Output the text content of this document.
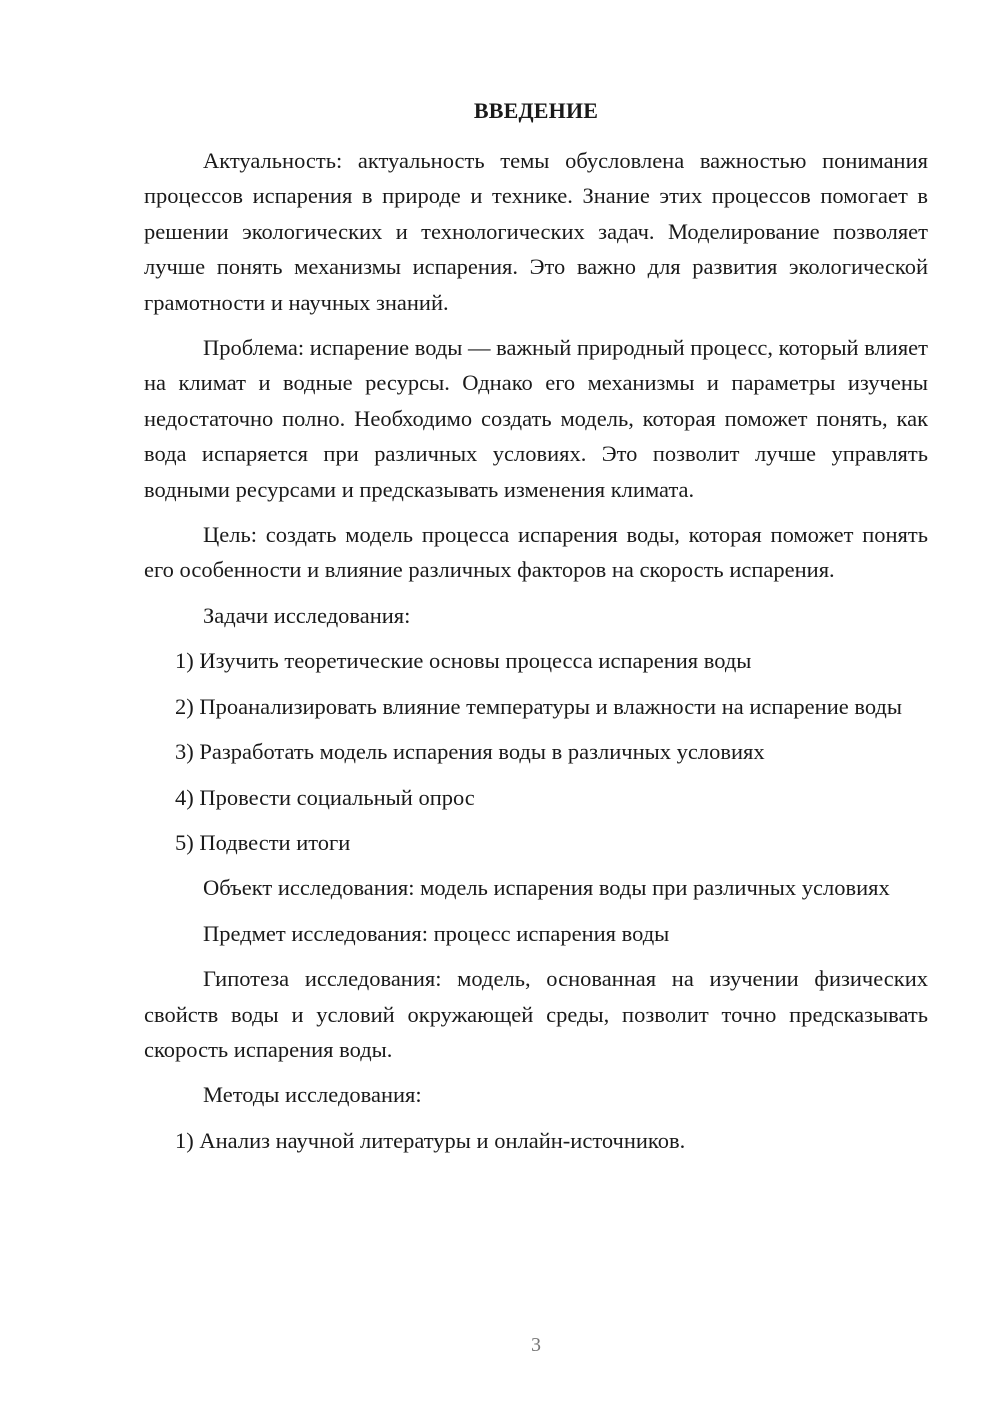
ВВЕДЕНИЕ

Актуальность: актуальность темы обусловлена важностью понимания процессов испарения в природе и технике. Знание этих процессов помогает в решении экологических и технологических задач. Моделирование позволяет лучше понять механизмы испарения. Это важно для развития экологической грамотности и научных знаний.

Проблема: испарение воды — важный природный процесс, который влияет на климат и водные ресурсы. Однако его механизмы и параметры изучены недостаточно полно. Необходимо создать модель, которая поможет понять, как вода испаряется при различных условиях. Это позволит лучше управлять водными ресурсами и предсказывать изменения климата.

Цель: создать модель процесса испарения воды, которая поможет понять его особенности и влияние различных факторов на скорость испарения.

Задачи исследования:

1) Изучить теоретические основы процесса испарения воды

2) Проанализировать влияние температуры и влажности на испарение воды

3) Разработать модель испарения воды в различных условиях

4) Провести социальный опрос

5) Подвести итоги

Объект исследования: модель испарения воды при различных условиях

Предмет исследования: процесс испарения воды

Гипотеза исследования: модель, основанная на изучении физических свойств воды и условий окружающей среды, позволит точно предсказывать скорость испарения воды.

Методы исследования:

1) Анализ научной литературы и онлайн-источников.

3
